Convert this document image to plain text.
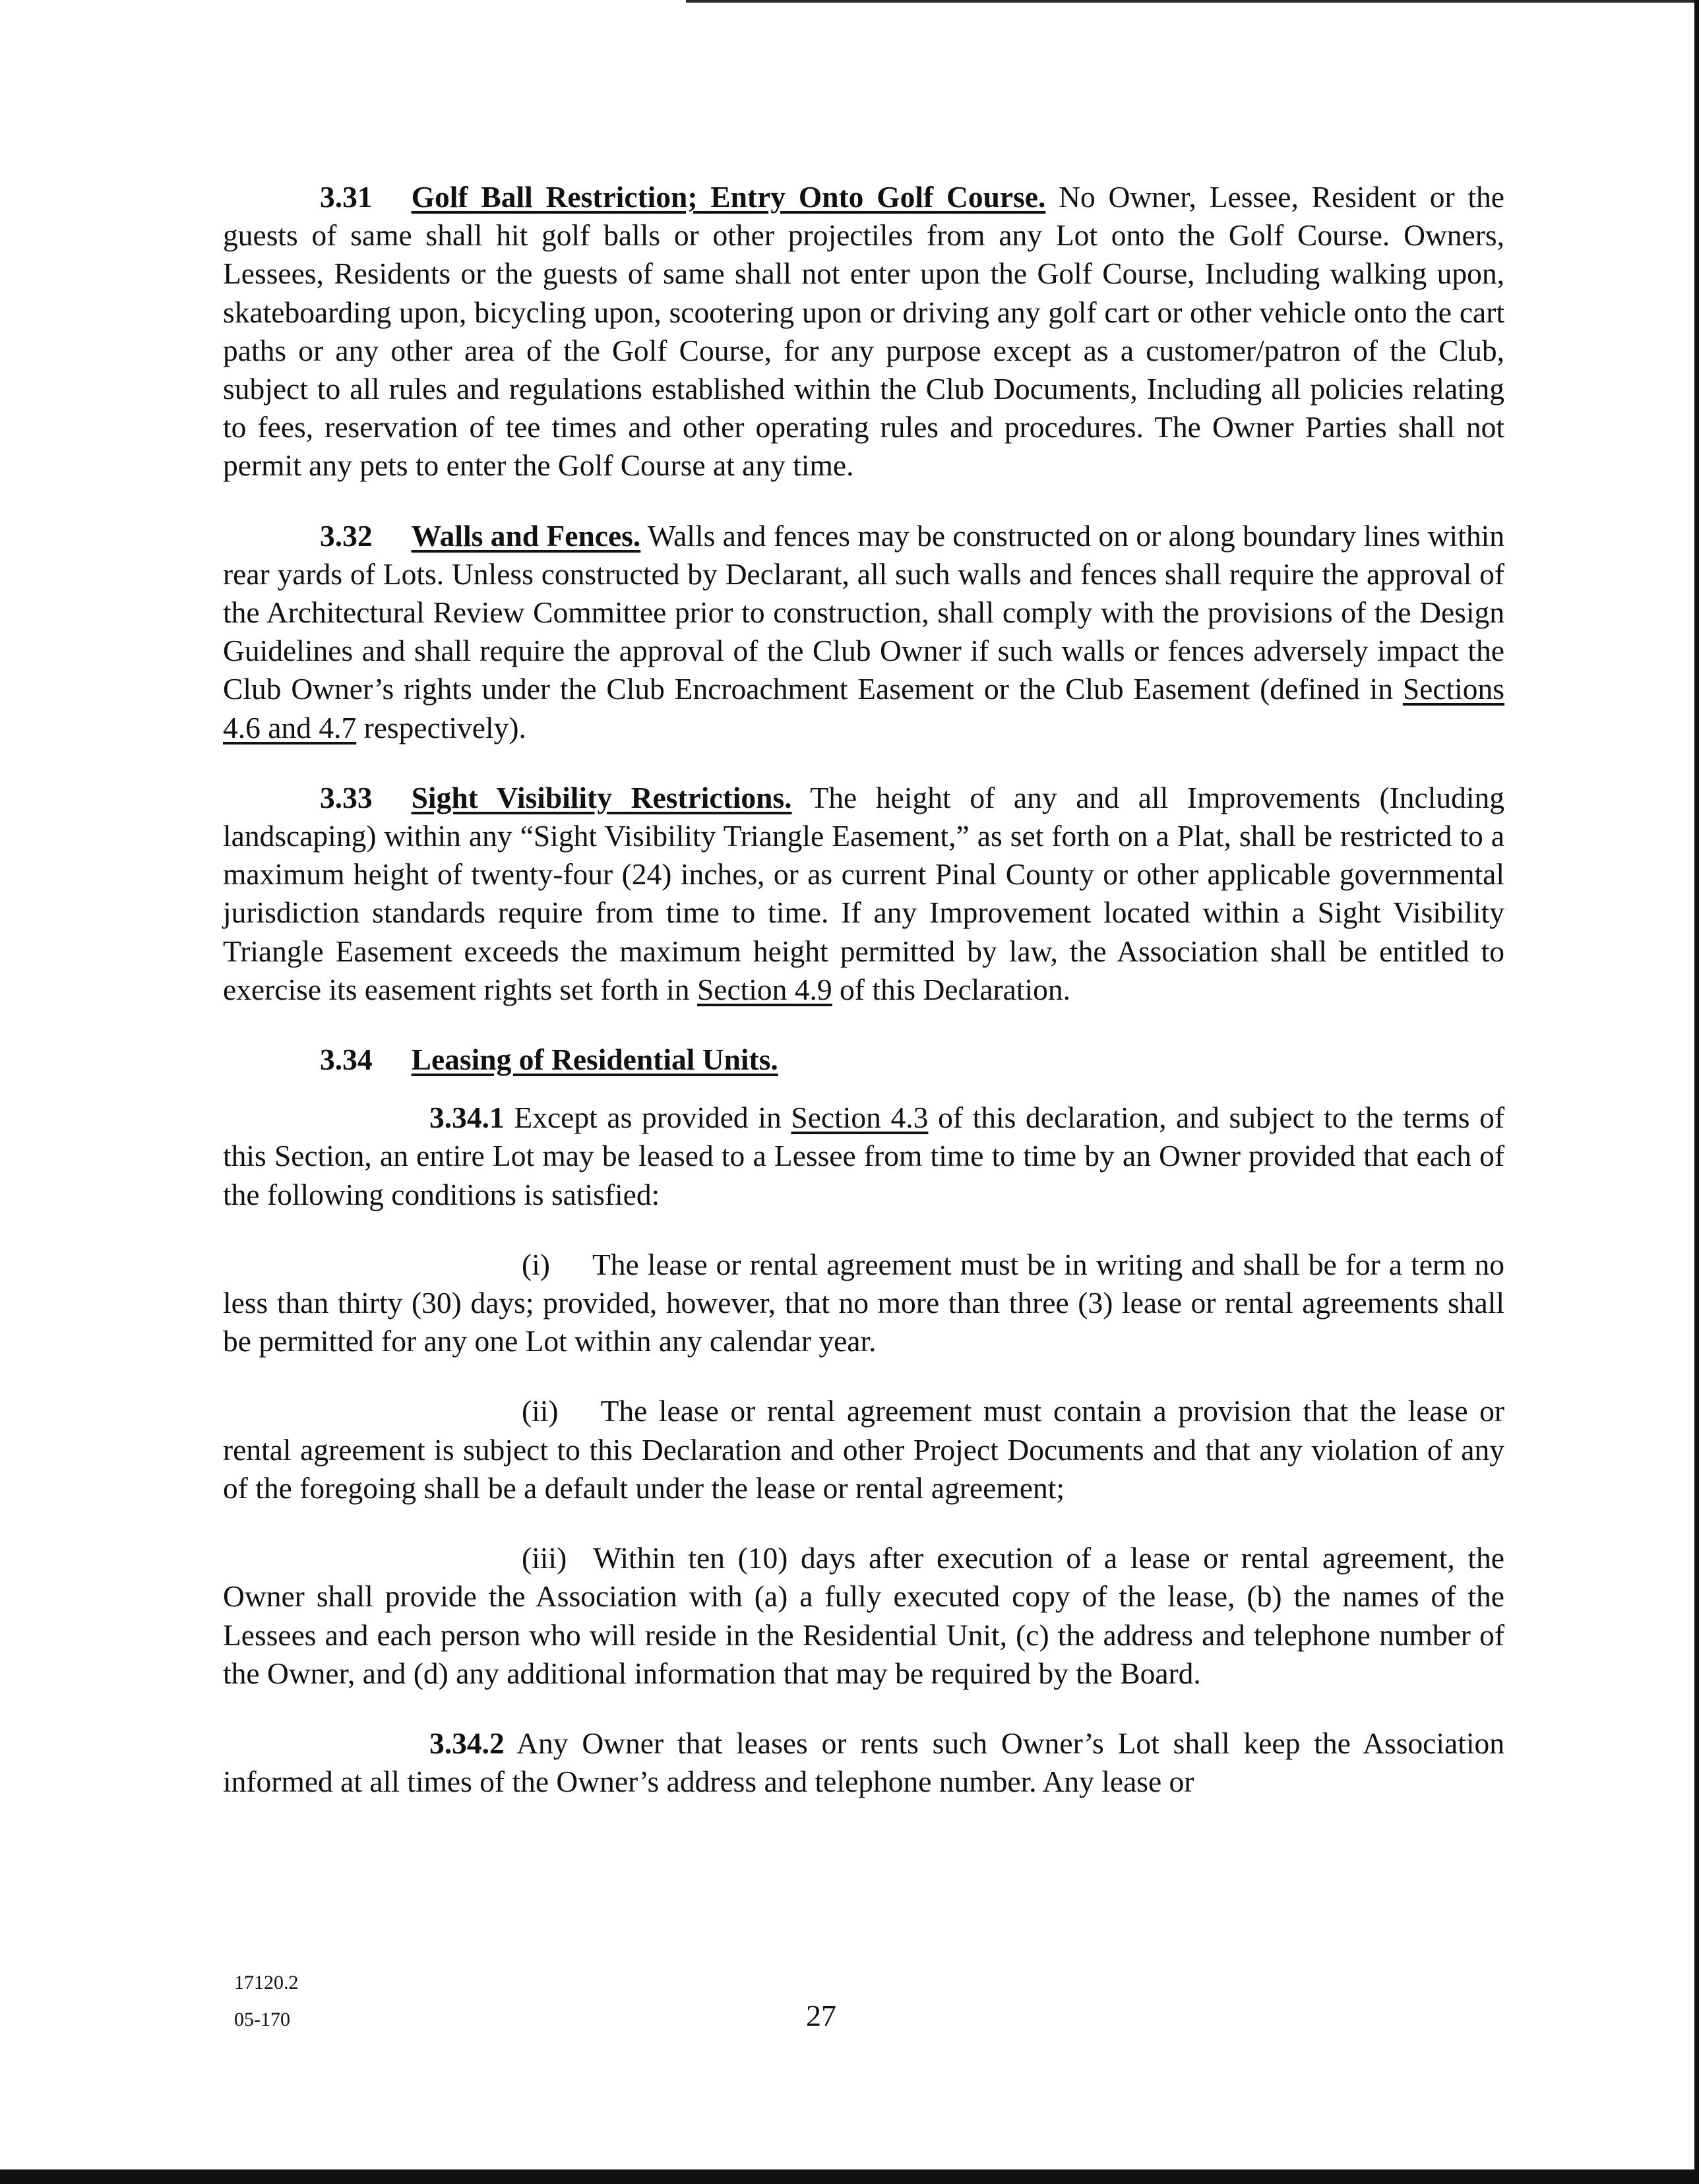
3.31 Golf Ball Restriction; Entry Onto Golf Course. No Owner, Lessee, Resident or the guests of same shall hit golf balls or other projectiles from any Lot onto the Golf Course. Owners, Lessees, Residents or the guests of same shall not enter upon the Golf Course, Including walking upon, skateboarding upon, bicycling upon, scootering upon or driving any golf cart or other vehicle onto the cart paths or any other area of the Golf Course, for any purpose except as a customer/patron of the Club, subject to all rules and regulations established within the Club Documents, Including all policies relating to fees, reservation of tee times and other operating rules and procedures. The Owner Parties shall not permit any pets to enter the Golf Course at any time.

3.32 Walls and Fences. Walls and fences may be constructed on or along boundary lines within rear yards of Lots. Unless constructed by Declarant, all such walls and fences shall require the approval of the Architectural Review Committee prior to construction, shall comply with the provisions of the Design Guidelines and shall require the approval of the Club Owner if such walls or fences adversely impact the Club Owner’s rights under the Club Encroachment Easement or the Club Easement (defined in Sections 4.6 and 4.7 respectively).

3.33 Sight Visibility Restrictions. The height of any and all Improvements (Including landscaping) within any “Sight Visibility Triangle Easement,” as set forth on a Plat, shall be restricted to a maximum height of twenty-four (24) inches, or as current Pinal County or other applicable governmental jurisdiction standards require from time to time. If any Improvement located within a Sight Visibility Triangle Easement exceeds the maximum height permitted by law, the Association shall be entitled to exercise its easement rights set forth in Section 4.9 of this Declaration.

3.34 Leasing of Residential Units.

3.34.1 Except as provided in Section 4.3 of this declaration, and subject to the terms of this Section, an entire Lot may be leased to a Lessee from time to time by an Owner provided that each of the following conditions is satisfied:

(i) The lease or rental agreement must be in writing and shall be for a term no less than thirty (30) days; provided, however, that no more than three (3) lease or rental agreements shall be permitted for any one Lot within any calendar year.

(ii) The lease or rental agreement must contain a provision that the lease or rental agreement is subject to this Declaration and other Project Documents and that any violation of any of the foregoing shall be a default under the lease or rental agreement;

(iii) Within ten (10) days after execution of a lease or rental agreement, the Owner shall provide the Association with (a) a fully executed copy of the lease, (b) the names of the Lessees and each person who will reside in the Residential Unit, (c) the address and telephone number of the Owner, and (d) any additional information that may be required by the Board.

3.34.2 Any Owner that leases or rents such Owner’s Lot shall keep the Association informed at all times of the Owner’s address and telephone number. Any lease or

17120.2
05-170	27
